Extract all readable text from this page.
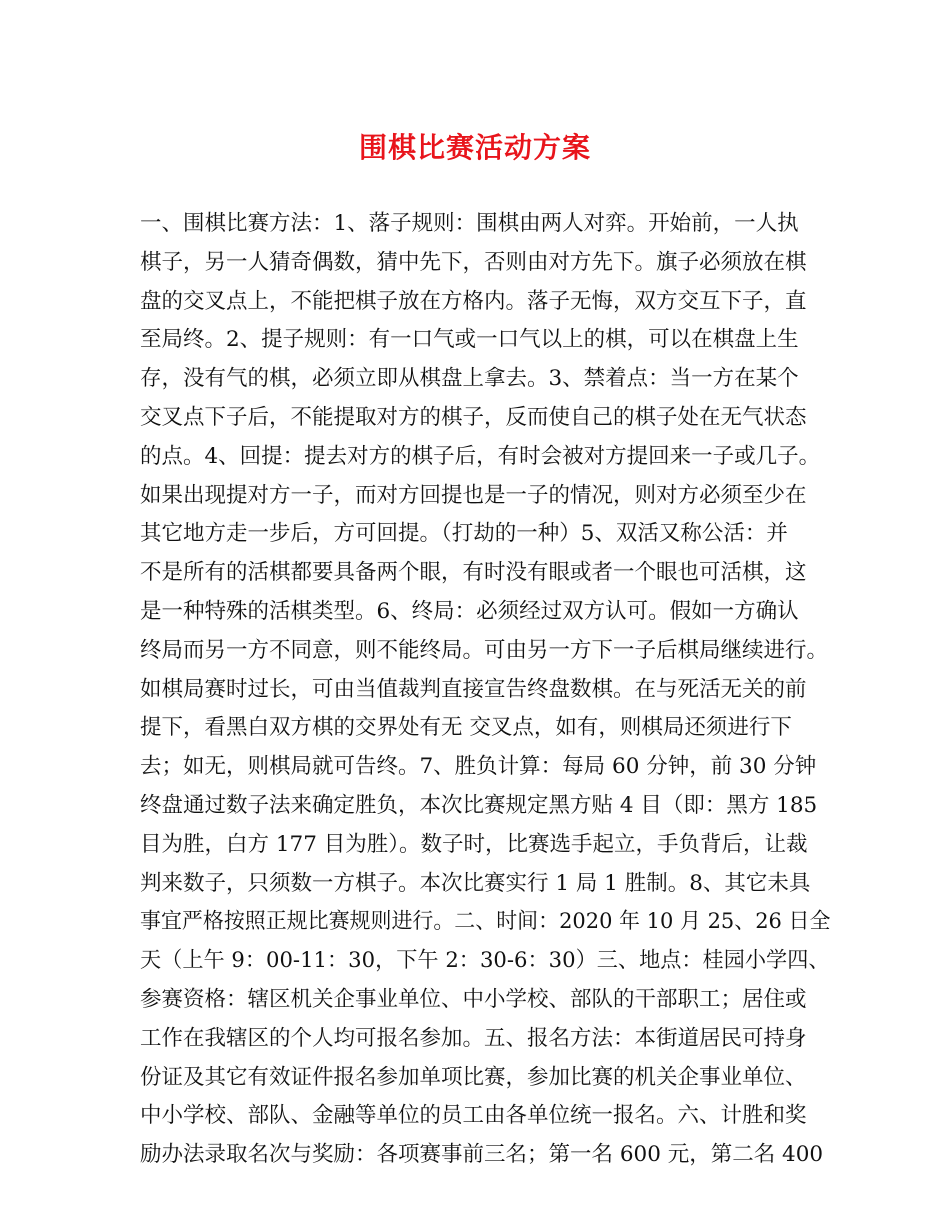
围棋比赛活动方案
一、围棋比赛方法：1、落子规则：围棋由两人对弈。开始前，一人执
棋子，另一人猜奇偶数，猜中先下，否则由对方先下。旗子必须放在棋
盘的交叉点上，不能把棋子放在方格内。落子无悔，双方交互下子，直
至局终。2、提子规则：有一口气或一口气以上的棋，可以在棋盘上生
存，没有气的棋，必须立即从棋盘上拿去。3、禁着点：当一方在某个
交叉点下子后，不能提取对方的棋子，反而使自己的棋子处在无气状态
的点。4、回提：提去对方的棋子后，有时会被对方提回来一子或几子。
如果出现提对方一子，而对方回提也是一子的情况，则对方必须至少在
其它地方走一步后，方可回提。（打劫的一种）5、双活又称公活：并
不是所有的活棋都要具备两个眼，有时没有眼或者一个眼也可活棋，这
是一种特殊的活棋类型。6、终局：必须经过双方认可。假如一方确认
终局而另一方不同意，则不能终局。可由另一方下一子后棋局继续进行。
如棋局赛时过长，可由当值裁判直接宣告终盘数棋。在与死活无关的前
提下，看黑白双方棋的交界处有无 交叉点，如有，则棋局还须进行下
去；如无，则棋局就可告终。7、胜负计算：每局 60 分钟，前 30 分钟
终盘通过数子法来确定胜负，本次比赛规定黑方贴 4 目（即：黑方 185
目为胜，白方 177 目为胜）。数子时，比赛选手起立，手负背后，让裁
判来数子，只须数一方棋子。本次比赛实行 1 局 1 胜制。8、其它未具
事宜严格按照正规比赛规则进行。二、时间：2020 年 10 月 25、26 日全
天（上午 9：00-11：30，下午 2：30-6：30）三、地点：桂园小学四、
参赛资格：辖区机关企事业单位、中小学校、部队的干部职工；居住或
工作在我辖区的个人均可报名参加。五、报名方法：本街道居民可持身
份证及其它有效证件报名参加单项比赛，参加比赛的机关企事业单位、
中小学校、部队、金融等单位的员工由各单位统一报名。六、计胜和奖
励办法录取名次与奖励：各项赛事前三名；第一名 600 元，第二名 400
